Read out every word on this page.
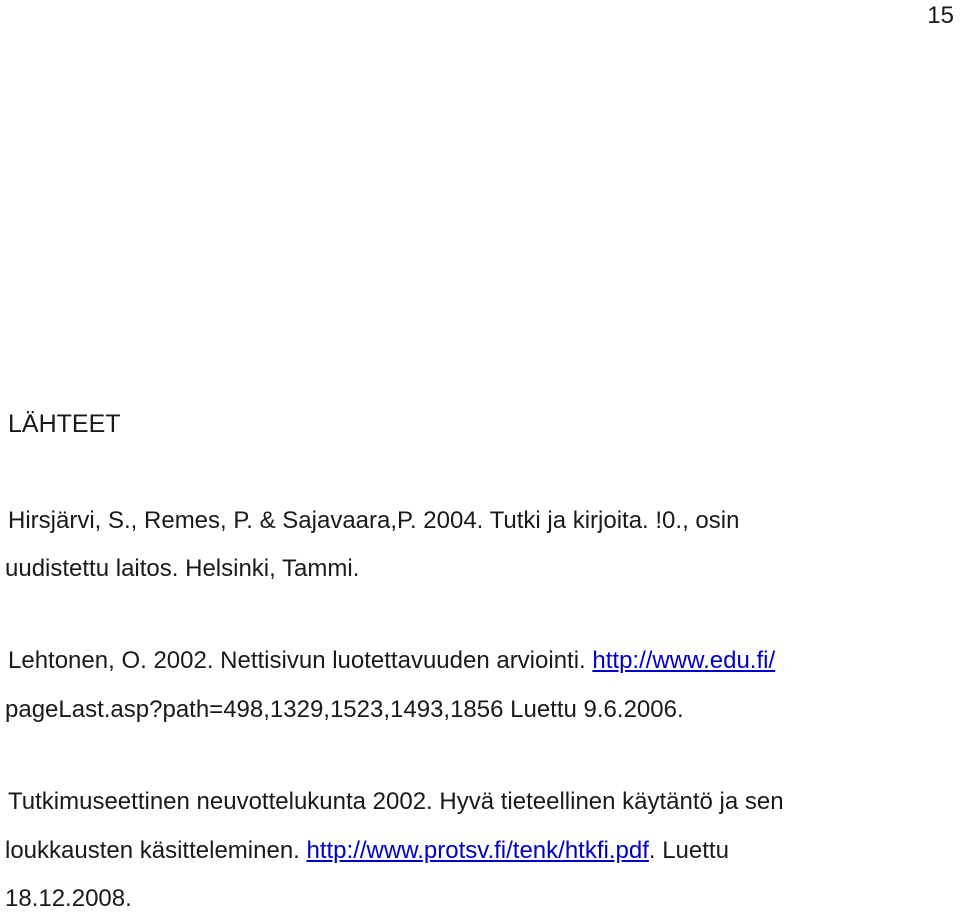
15
LÄHTEET

Hirsjärvi, S., Remes, P. & Sajavaara,P. 2004. Tutki ja kirjoita. !0., osin

uudistettu laitos. Helsinki, Tammi.

Lehtonen, O. 2002. Nettisivun luotettavuuden arviointi. http://www.edu.fi/

pageLast.asp?path=498,1329,1523,1493,1856 Luettu 9.6.2006.

Tutkimuseettinen neuvottelukunta 2002. Hyvä tieteellinen käytäntö ja sen

loukkausten käsitteleminen. http://www.protsv.fi/tenk/htkfi.pdf. Luettu

18.12.2008.
